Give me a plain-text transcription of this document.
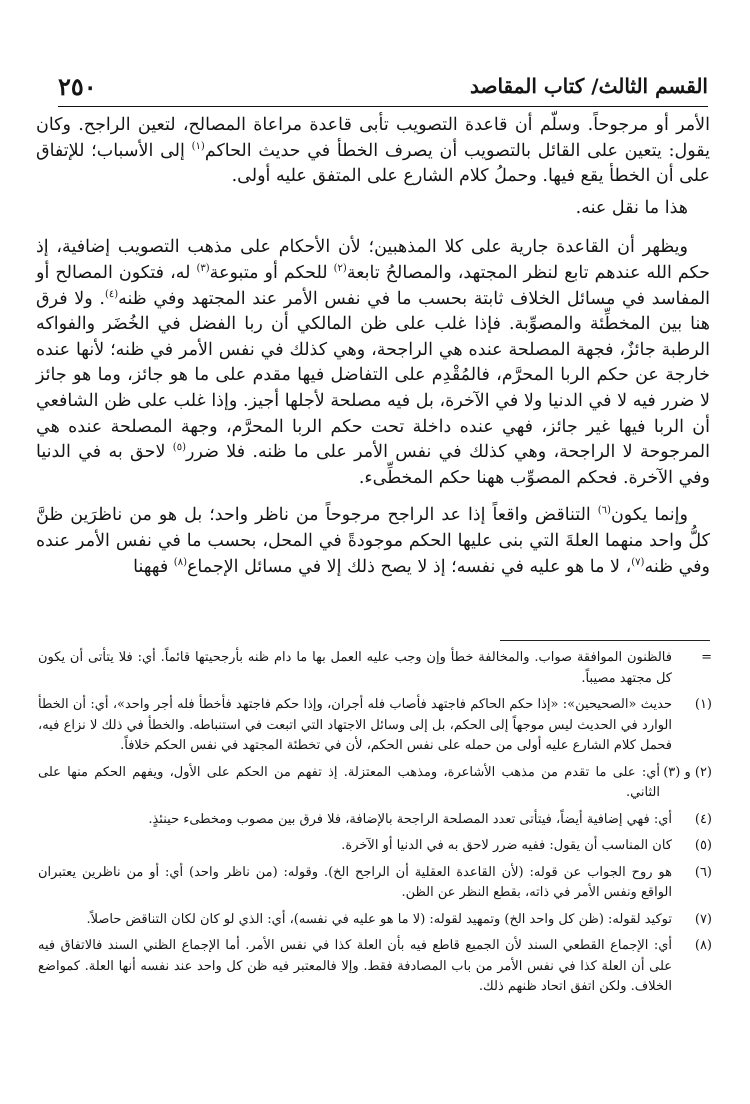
٢٥٠	القسم الثالث/ كتاب المقاصد

الأمر أو مرجوحاً. وسلّم أن قاعدة التصويب تأبى قاعدة مراعاة المصالح، لتعين الراجح. وكان يقول: يتعين على القائل بالتصويب أن يصرف الخطأ في حديث الحاكم$^{(١)}$ إلى الأسباب؛ للإتفاق على أن الخطأ يقع فيها. وحملُ كلام الشارع على المتفق عليه أولى.

هذا ما نقل عنه.

ويظهر أن القاعدة جارية على كلا المذهبين؛ لأن الأحكام على مذهب التصويب إضافية، إذ حكم الله عندهم تابع لنظر المجتهد، والمصالحُ تابعة$^{(٢)}$ للحكم أو متبوعة$^{(٣)}$ له، فتكون المصالح أو المفاسد في مسائل الخلاف ثابتة بحسب ما في نفس الأمر عند المجتهد وفي ظنه$^{(٤)}$. ولا فرق هنا بين المخطِّئة والمصوِّبة. فإذا غلب على ظن المالكي أن ربا الفضل في الخُضَر والفواكه الرطبة جائزٌ، فجهة المصلحة عنده هي الراجحة، وهي كذلك في نفس الأمر في ظنه؛ لأنها عنده خارجة عن حكم الربا المحرَّم، فالمُقْدِم على التفاضل فيها مقدم على ما هو جائز، وما هو جائز لا ضرر فيه لا في الدنيا ولا في الآخرة، بل فيه مصلحة لأجلها أجيز. وإذا غلب على ظن الشافعي أن الربا فيها غير جائز، فهي عنده داخلة تحت حكم الربا المحرَّم، وجهة المصلحة عنده هي المرجوحة لا الراجحة، وهي كذلك في نفس الأمر على ما ظنه. فلا ضرر$^{(٥)}$ لاحق به في الدنيا وفي الآخرة. فحكم المصوِّب ههنا حكم المخطِّىء.

وإنما يكون$^{(٦)}$ التناقض واقعاً إذا عد الراجح مرجوحاً من ناظر واحد؛ بل هو من ناظرَين ظنَّ كلُّ واحد منهما العلةَ التي بنى عليها الحكم موجودةً في المحل، بحسب ما في نفس الأمر عنده وفي ظنه$^{(٧)}$، لا ما هو عليه في نفسه؛ إذ لا يصح ذلك إلا في مسائل الإجماع$^{(٨)}$ فههنا

=
فالظنون الموافقة صواب. والمخالفة خطأ وإن وجب عليه العمل بها ما دام ظنه بأرجحيتها قائماً. أي: فلا يتأتى أن يكون كل مجتهد مصيباً.
(١)
حديث «الصحيحين»: «إذا حكم الحاكم فاجتهد فأصاب فله أجران، وإذا حكم فاجتهد فأخطأ فله أجر واحد»، أي: أن الخطأ الوارد في الحديث ليس موجهاً إلى الحكم، بل إلى وسائل الاجتهاد التي اتبعت في استنباطه. والخطأ في ذلك لا نزاع فيه، فحمل كلام الشارع عليه أولى من حمله على نفس الحكم، لأن في تخطئة المجتهد في نفس الحكم خلافاً.
(٢) و (٣)
أي: على ما تقدم من مذهب الأشاعرة، ومذهب المعتزلة. إذ تفهم من الحكم على الأول، ويفهم الحكم منها على الثاني.
(٤)
أي: فهي إضافية أيضاً، فيتأتى تعدد المصلحة الراجحة بالإضافة، فلا فرق بين مصوب ومخطىء حينئذٍ.
(٥)
كان المناسب أن يقول: ففيه ضرر لاحق به في الدنيا أو الآخرة.
(٦)
هو روح الجواب عن قوله: (لأن القاعدة العقلية أن الراجح الخ). وقوله: (من ناظر واحد) أي: أو من ناظرين يعتبران الواقع ونفس الأمر في ذاته، بقطع النظر عن الظن.
(٧)
توكيد لقوله: (ظن كل واحد الخ) وتمهيد لقوله: (لا ما هو عليه في نفسه)، أي: الذي لو كان لكان التناقض حاصلاً.
(٨)
أي: الإجماع القطعي السند لأن الجميع قاطع فيه بأن العلة كذا في نفس الأمر. أما الإجماع الظني السند فالاتفاق فيه على أن العلة كذا في نفس الأمر من باب المصادفة فقط. وإلا فالمعتبر فيه ظن كل واحد عند نفسه أنها العلة. كمواضع الخلاف. ولكن اتفق اتحاد ظنهم ذلك.
